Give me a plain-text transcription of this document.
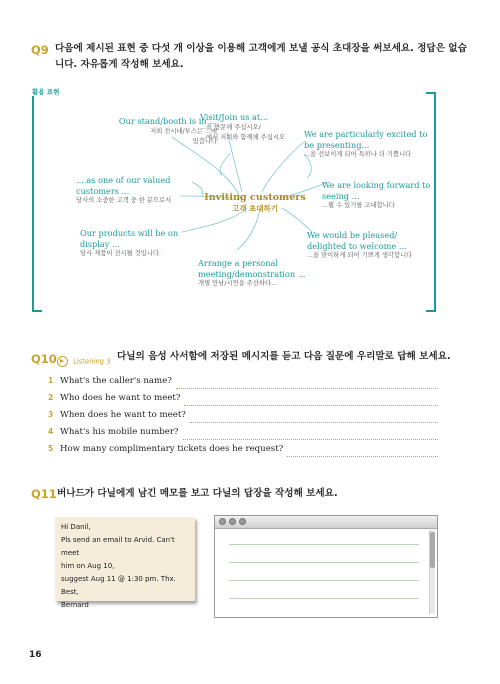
Q9 다음에 제시된 표현 중 다섯 개 이상을 이용해 고객에게 보낼 공식 초대장을 써보세요. 정답은 없습
니다. 자유롭게 작성해 보세요.
활용 표현
Our stand/booth is in ...
저희 전시대/부스는 ...에
있습니다
Visit/Join us at...
...을 방문해 주십시오/
...에서 저희와 함께해 주십시오	We are particularly excited to
be presenting...
...을 선보이게 되어 특히나 더 기쁩니다
... as one of our valued
customers ...
당사의 소중한 고객 중 한 분으로서	Inviting customers
고객 초대하기
We are looking forward to
seeing ...
...뵐 수 있기를 고대합니다
Our products will be on
display ...
당사 제품이 전시될 것입니다.
We would be pleased/
delighted to welcome ...
...을 맞이하게 되어 기쁘게 생각합니다
Arrange a personal
meeting/demonstration ...
개별 만남/시연을 주선하다...
Q10	Listening 3 다닐의 음성 사서함에 저장된 메시지를 듣고 다음 질문에 우리말로 답해 보세요.
1 What's the caller's name?
2 Who does he want to meet?
3 When does he want to meet?
4 What's his mobile number?
5 How many complimentary tickets does he request?
Q11 버나드가 다닐에게 남긴 메모를 보고 다닐의 답장을 작성해 보세요.
Hi Danil,
Pls send an email to Arvid. Can't meet
him on Aug 10,
suggest Aug 11 @ 1:30 pm. Thx. Best,
Bernard
16
